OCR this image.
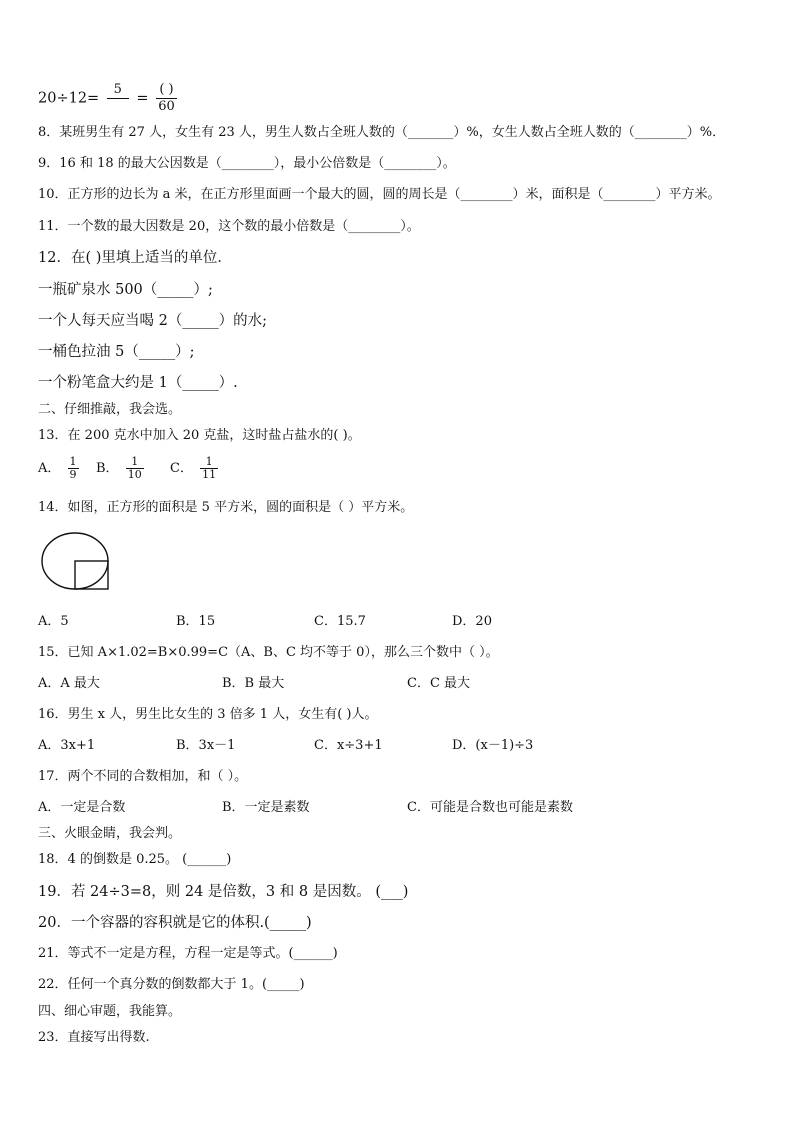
20÷12=
5

= $\frac{( )}{60}$
8．某班男生有 27 人，女生有 23 人，男生人数占全班人数的（_______）%，女生人数占全班人数的（________）%．
9．16 和 18 的最大公因数是（________），最小公倍数是（________）。
10．正方形的边长为 a 米，在正方形里面画一个最大的圆，圆的周长是（________）米，面积是（________）平方米。
11．一个数的最大因数是 20，这个数的最小倍数是（________）。
12．在( )里填上适当的单位．
一瓶矿泉水 500（_____）;
一个人每天应当喝 2（_____）的水;
一桶色拉油 5（_____）;
一个粉笔盒大约是 1（_____）.
二、仔细推敲，我会选。
13．在 200 克水中加入 20 克盐，这时盐占盐水的( )。
A． $\frac{1}{9}$ B． $\frac{1}{10}$ C． $\frac{1}{11}$
14．如图，正方形的面积是 5 平方米，圆的面积是（ ）平方米。
A．5	B．15	C．15.7	D．20
15．已知 A×1.02=B×0.99=C（A、B、C 均不等于 0），那么三个数中（ ）。
A．A 最大	B．B 最大	C．C 最大
16．男生 x 人，男生比女生的 3 倍多 1 人，女生有( )人。
A．3x+1	B．3x－1	C．x÷3+1	D．(x－1)÷3
17．两个不同的合数相加，和（ ）。
A．一定是合数	B．一定是素数	C．可能是合数也可能是素数
三、火眼金睛，我会判。
18．4 的倒数是 0.25。 (______)
19．若 24÷3=8，则 24 是倍数，3 和 8 是因数。 (___)
20．一个容器的容积就是它的体积.(_____)
21．等式不一定是方程，方程一定是等式。(______)
22．任何一个真分数的倒数都大于 1。(_____)
四、细心审题，我能算。
23．直接写出得数.
